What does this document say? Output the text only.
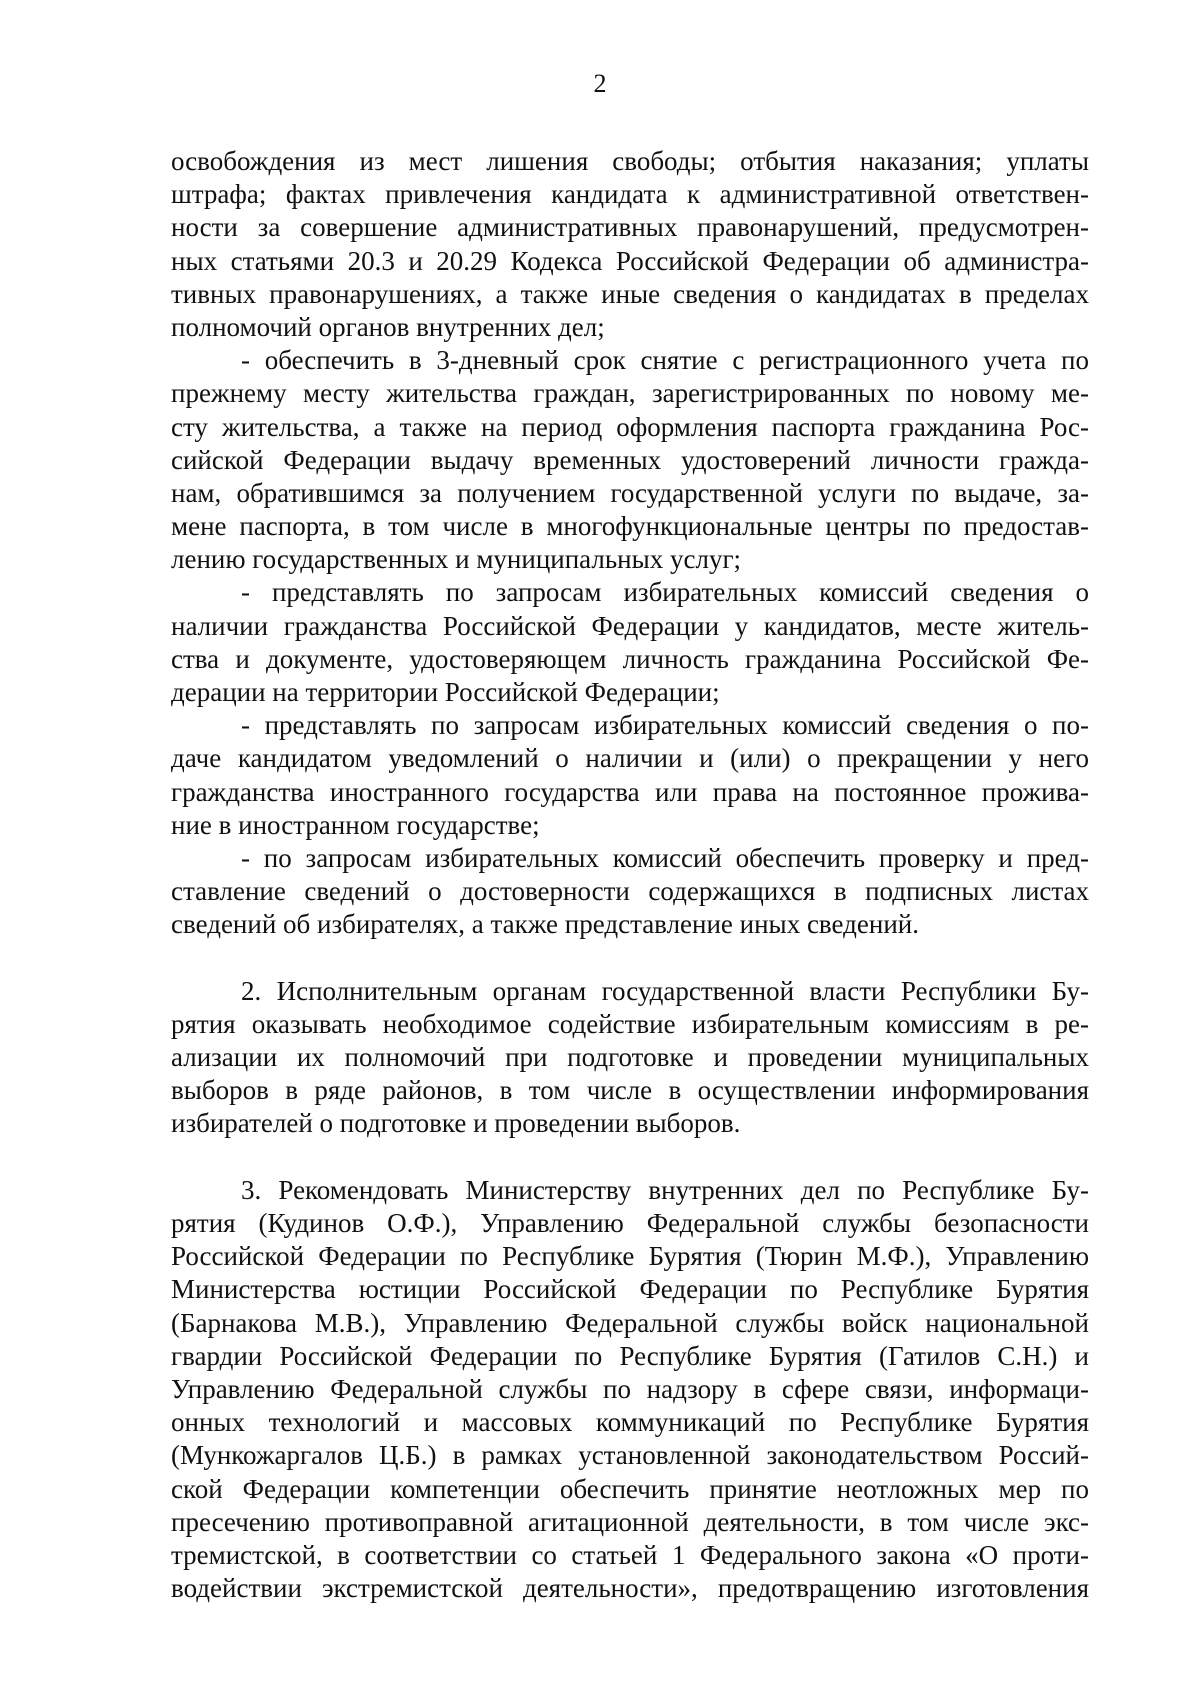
2
освобождения из мест лишения свободы; отбытия наказания; уплаты
штрафа; фактах привлечения кандидата к административной ответствен-
ности за совершение административных правонарушений, предусмотрен-
ных статьями 20.3 и 20.29 Кодекса Российской Федерации об администра-
тивных правонарушениях, а также иные сведения о кандидатах в пределах
полномочий органов внутренних дел;
- обеспечить в 3-дневный срок снятие с регистрационного учета по
прежнему месту жительства граждан, зарегистрированных по новому ме-
сту жительства, а также на период оформления паспорта гражданина Рос-
сийской Федерации выдачу временных удостоверений личности гражда-
нам, обратившимся за получением государственной услуги по выдаче, за-
мене паспорта, в том числе в многофункциональные центры по предостав-
лению государственных и муниципальных услуг;
- представлять по запросам избирательных комиссий сведения о
наличии гражданства Российской Федерации у кандидатов, месте житель-
ства и документе, удостоверяющем личность гражданина Российской Фе-
дерации на территории Российской Федерации;
- представлять по запросам избирательных комиссий сведения о по-
даче кандидатом уведомлений о наличии и (или) о прекращении у него
гражданства иностранного государства или права на постоянное прожива-
ние в иностранном государстве;
- по запросам избирательных комиссий обеспечить проверку и пред-
ставление сведений о достоверности содержащихся в подписных листах
сведений об избирателях, а также представление иных сведений.
2. Исполнительным органам государственной власти Республики Бу-
рятия оказывать необходимое содействие избирательным комиссиям в ре-
ализации их полномочий при подготовке и проведении муниципальных
выборов в ряде районов, в том числе в осуществлении информирования
избирателей о подготовке и проведении выборов.
3. Рекомендовать Министерству внутренних дел по Республике Бу-
рятия (Кудинов О.Ф.), Управлению Федеральной службы безопасности
Российской Федерации по Республике Бурятия (Тюрин М.Ф.), Управлению
Министерства юстиции Российской Федерации по Республике Бурятия
(Барнакова М.В.), Управлению Федеральной службы войск национальной
гвардии Российской Федерации по Республике Бурятия (Гатилов С.Н.) и
Управлению Федеральной службы по надзору в сфере связи, информаци-
онных технологий и массовых коммуникаций по Республике Бурятия
(Мункожаргалов Ц.Б.) в рамках установленной законодательством Россий-
ской Федерации компетенции обеспечить принятие неотложных мер по
пресечению противоправной агитационной деятельности, в том числе экс-
тремистской, в соответствии со статьей 1 Федерального закона «О проти-
водействии экстремистской деятельности», предотвращению изготовления
